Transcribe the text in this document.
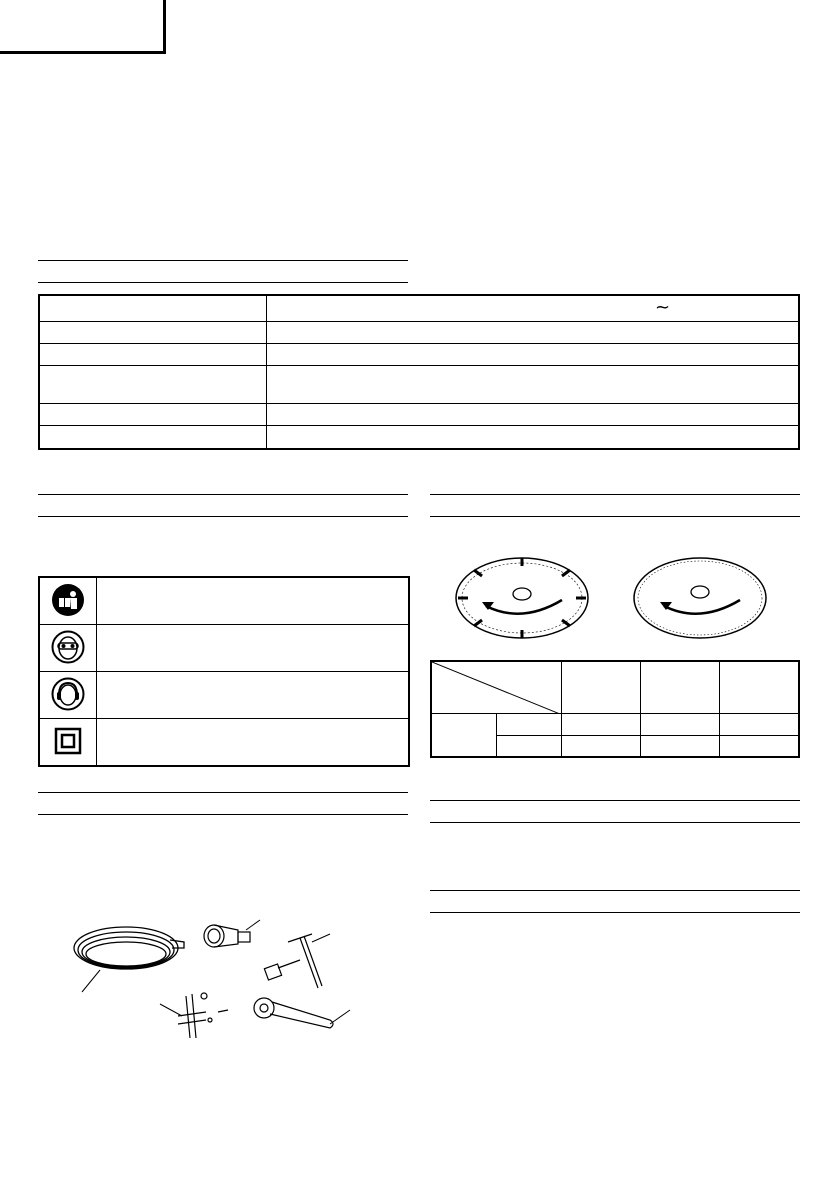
	~
